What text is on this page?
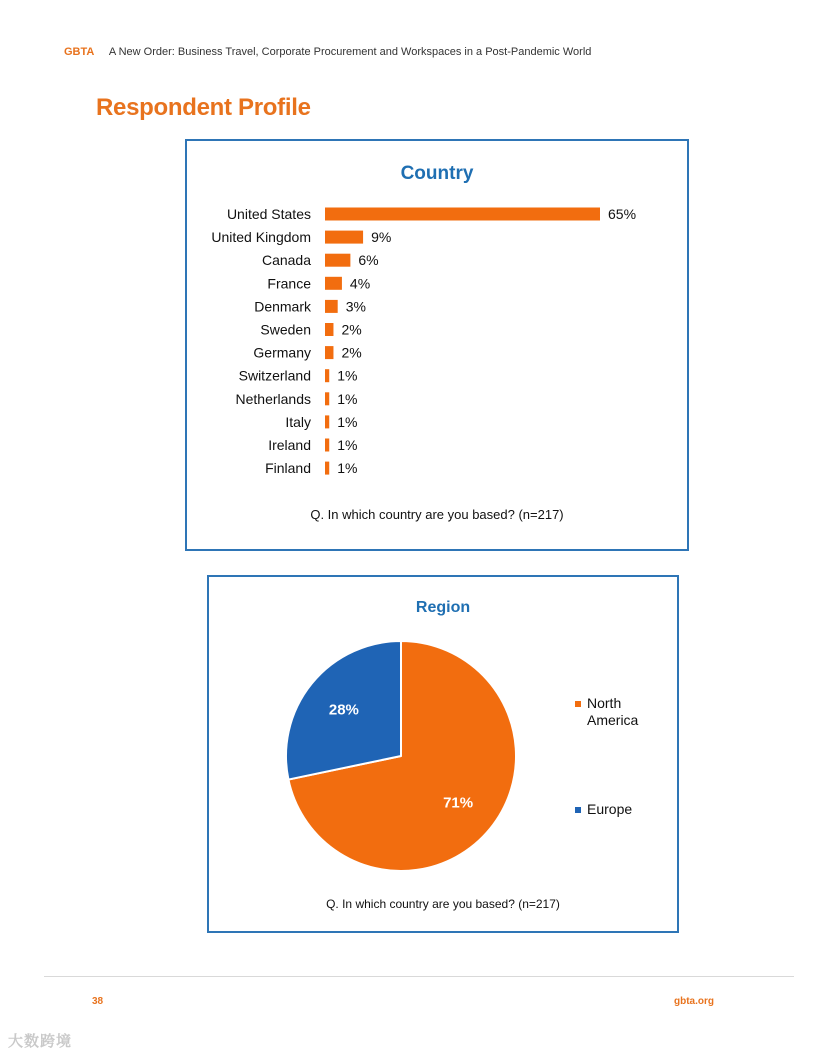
GBTA A New Order: Business Travel, Corporate Procurement and Workspaces in a Post-Pandemic World
Respondent Profile
Country
United States	65%
United Kingdom	9%
Canada	6%
France	4%
Denmark 3%
Sweden 2%
Germany 2%
Switzerland 1%
Netherlands 1%
Italy 1%
Ireland 1%
Finland 1%
Q. In which country are you based? (n=217)
Region
71%
28%	North America
Europe
Q. In which country are you based? (n=217)
38	gbta.org
大数跨境
